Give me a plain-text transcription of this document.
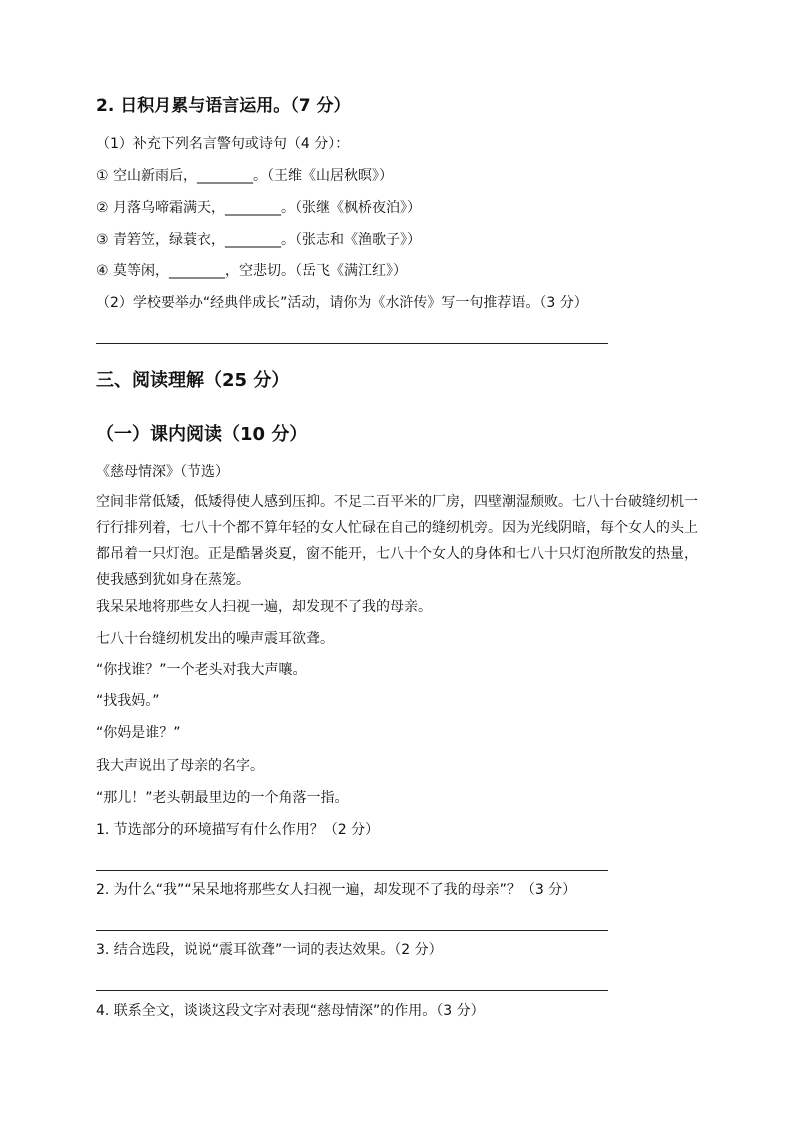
2. 日积月累与语言运用。（7 分）
（1）补充下列名言警句或诗句（4 分）：
① 空山新雨后，________。（王维《山居秋暝》）
② 月落乌啼霜满天，________。（张继《枫桥夜泊》）
③ 青箬笠，绿蓑衣，________。（张志和《渔歌子》）
④ 莫等闲，________，空悲切。（岳飞《满江红》）
（2）学校要举办“经典伴成长”活动，请你为《水浒传》写一句推荐语。（3 分）
三、阅读理解（25 分）
（一）课内阅读（10 分）
《慈母情深》（节选）
空间非常低矮，低矮得使人感到压抑。不足二百平米的厂房，四壁潮湿颓败。七八十台破缝纫机一行行排列着，七八十个都不算年轻的女人忙碌在自己的缝纫机旁。因为光线阴暗，每个女人的头上都吊着一只灯泡。正是酷暑炎夏，窗不能开，七八十个女人的身体和七八十只灯泡所散发的热量，使我感到犹如身在蒸笼。
我呆呆地将那些女人扫视一遍，却发现不了我的母亲。
七八十台缝纫机发出的噪声震耳欲聋。
“你找谁？”一个老头对我大声嚷。
“找我妈。”
“你妈是谁？”
我大声说出了母亲的名字。
“那儿！”老头朝最里边的一个角落一指。
1. 节选部分的环境描写有什么作用？（2 分）
2. 为什么“我”“呆呆地将那些女人扫视一遍，却发现不了我的母亲”？（3 分）
3. 结合选段，说说“震耳欲聋”一词的表达效果。（2 分）
4. 联系全文，谈谈这段文字对表现“慈母情深”的作用。（3 分）
